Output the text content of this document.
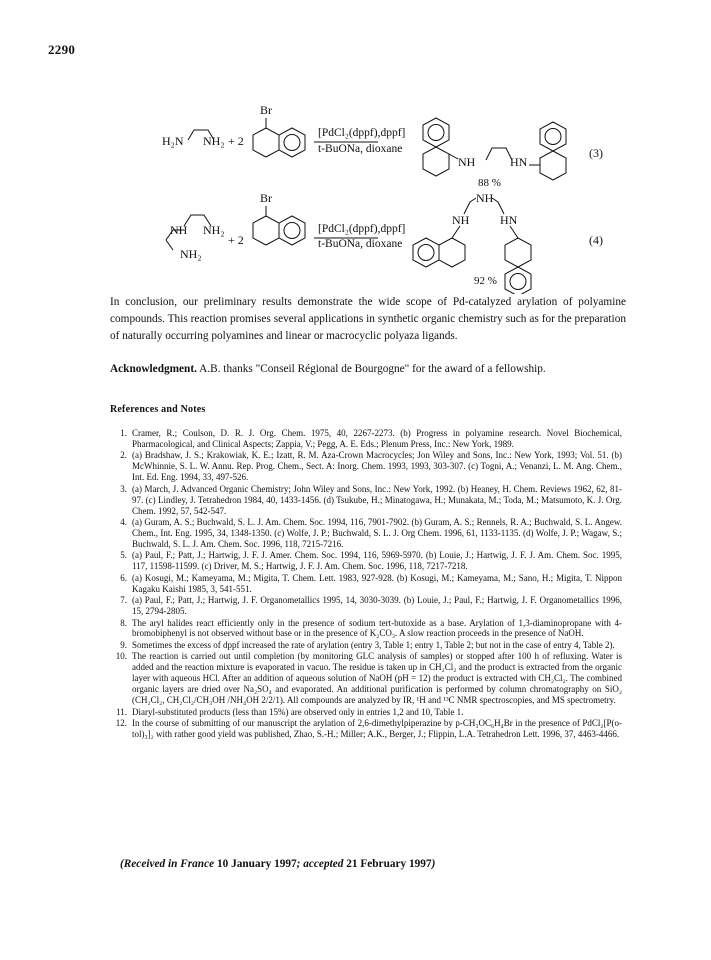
2290
H₂N NH₂ + 2
Br
[PdCl₂(dppf),dppf]
t-BuONa, dioxane
NH	HN
88 %
(3)
NH NH₂
NH₂
+ 2
Br
[PdCl₂(dppf),dppf]
t-BuONa, dioxane
NH
NH	HN
92 %
(4)

In conclusion, our preliminary results demonstrate the wide scope of Pd-catalyzed arylation of polyamine compounds. This reaction promises several applications in synthetic organic chemistry such as for the preparation of naturally occurring polyamines and linear or macrocyclic polyaza ligands.

Acknowledgment. A.B. thanks "Conseil Régional de Bourgogne" for the award of a fellowship.

References and Notes
1. Cramer, R.; Coulson, D. R. J. Org. Chem. 1975, 40, 2267-2273. (b) Progress in polyamine research. Novel Biochemical, Pharmacological, and Clinical Aspects; Zappia, V.; Pegg, A. E. Eds.; Plenum Press, Inc.: New York, 1989.
2. (a) Bradshaw, J. S.; Krakowiak, K. E.; Izatt, R. M. Aza-Crown Macrocycles; Jon Wiley and Sons, Inc.: New York, 1993; Vol. 51. (b) McWhinnie, S. L. W. Annu. Rep. Prog. Chem., Sect. A: Inorg. Chem. 1993, 1993, 303-307. (c) Togni, A.; Venanzi, L. M. Ang. Chem., Int. Ed. Eng. 1994, 33, 497-526.
3. (a) March, J. Advanced Organic Chemistry; John Wiley and Sons, Inc.: New York, 1992. (b) Heaney, H. Chem. Reviews 1962, 62, 81-97. (c) Lindley, J. Tetrahedron 1984, 40, 1433-1456. (d) Tsukube, H.; Minatogawa, H.; Munakata, M.; Toda, M.; Matsumoto, K. J. Org. Chem. 1992, 57, 542-547.
4. (a) Guram, A. S.; Buchwald, S. L. J. Am. Chem. Soc. 1994, 116, 7901-7902. (b) Guram, A. S.; Rennels, R. A.; Buchwald, S. L. Angew. Chem., Int. Eng. 1995, 34, 1348-1350. (c) Wolfe, J. P.; Buchwald, S. L. J. Org Chem. 1996, 61, 1133-1135. (d) Wolfe, J. P.; Wagaw, S.; Buchwald, S. L. J. Am. Chem. Soc. 1996, 118, 7215-7216.
5. (a) Paul, F.; Patt, J.; Hartwig, J. F. J. Amer. Chem. Soc. 1994, 116, 5969-5970. (b) Louie, J.; Hartwig, J. F. J. Am. Chem. Soc. 1995, 117, 11598-11599. (c) Driver, M. S.; Hartwig, J. F. J. Am. Chem. Soc. 1996, 118, 7217-7218.
6. (a) Kosugi, M.; Kameyama, M.; Migita, T. Chem. Lett. 1983, 927-928. (b) Kosugi, M.; Kameyama, M.; Sano, H.; Migita, T. Nippon Kagaku Kaishi 1985, 3, 541-551.
7. (a) Paul, F.; Patt, J.; Hartwig, J. F. Organometallics 1995, 14, 3030-3039. (b) Louie, J.; Paul, F.; Hartwig, J. F. Organometallics 1996, 15, 2794-2805.
8. The aryl halides react efficiently only in the presence of sodium tert-butoxide as a base. Arylation of 1,3-diaminopropane with 4-bromobiphenyl is not observed without base or in the presence of K₂CO₃. A slow reaction proceeds in the presence of NaOH.
9. Sometimes the excess of dppf increased the rate of arylation (entry 3, Table 1; entry 1, Table 2; but not in the case of entry 4, Table 2).
10. The reaction is carried out until completion (by monitoring GLC analysis of samples) or stopped after 100 h of refluxing. Water is added and the reaction mixture is evaporated in vacuo. The residue is taken up in CH₂Cl₂ and the product is extracted from the organic layer with aqueous HCl. After an addition of aqueous solution of NaOH (pH = 12) the product is extracted with CH₂Cl₂. The combined organic layers are dried over Na₂SO₄ and evaporated. An additional purification is performed by column chromatography on SiO₂ (CH₂Cl₂, CH₂Cl₂/CH₃OH /NH₄OH 2/2/1). All compounds are analyzed by IR, ¹H and ¹³C NMR spectroscopies, and MS spectrometry.
11. Diaryl-substituted products (less than 15%) are observed only in entries 1,2 and 10, Table 1.
12. In the course of submitting of our manuscript the arylation of 2,6-dimethylpiperazine by p-CH₃OC₆H₄Br in the presence of PdCl₂[P(o-tol)₃]₂ with rather good yield was published, Zhao, S.-H.; Miller; A.K., Berger, J.; Flippin, L.A. Tetrahedron Lett. 1996, 37, 4463-4466.
(Received in France 10 January 1997; accepted 21 February 1997)
